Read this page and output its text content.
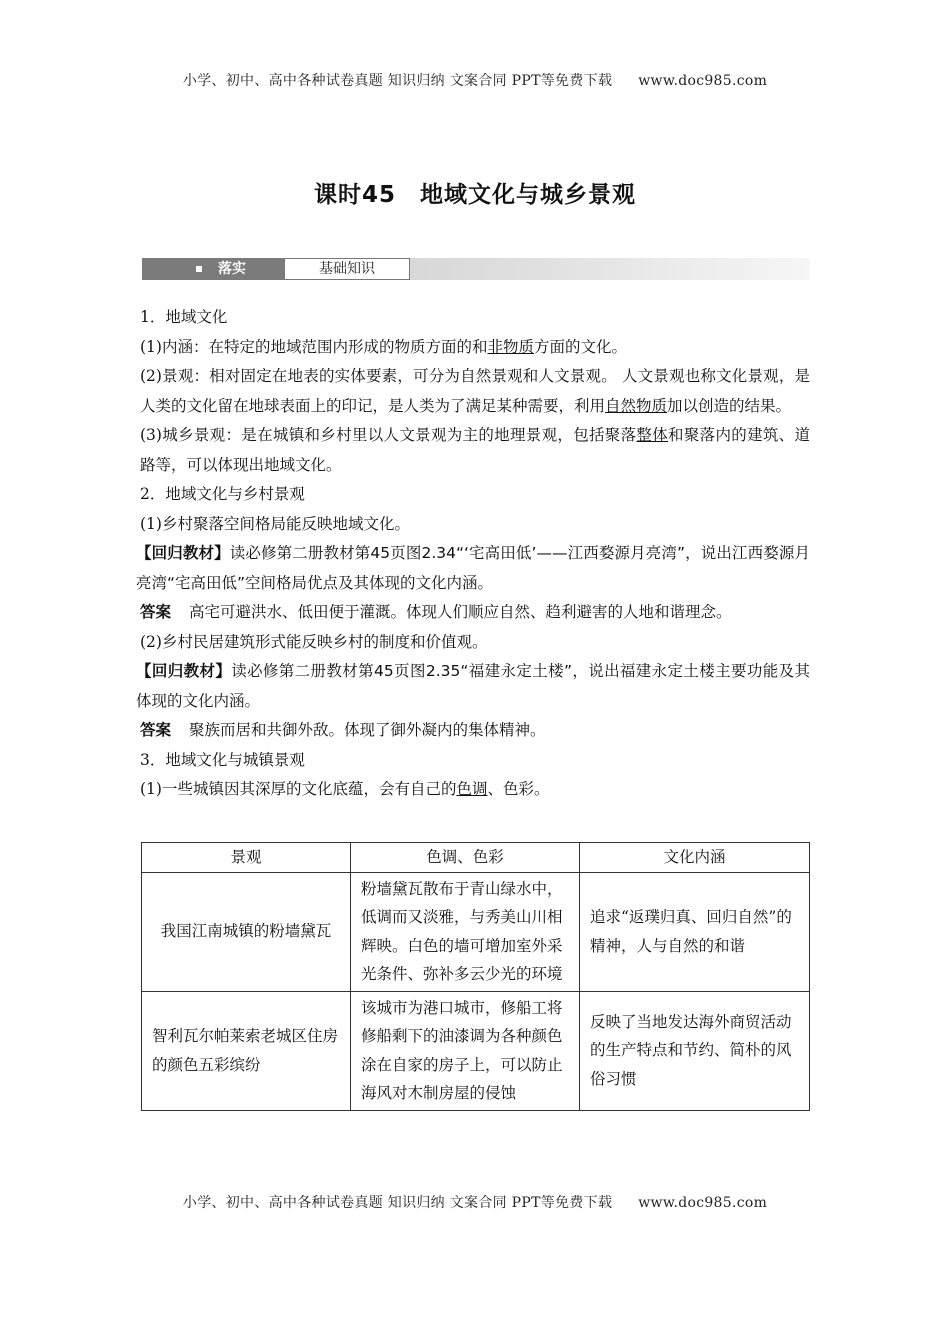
小学、初中、高中各种试卷真题 知识归纳 文案合同 PPT等免费下载 www.doc985.com
课时45　地域文化与城乡景观
落实	基础知识
1．地域文化
(1)内涵：在特定的地域范围内形成的物质方面的和非物质方面的文化。
(2)景观：相对固定在地表的实体要素，可分为自然景观和人文景观。 人文景观也称文化景观，是人类的文化留在地球表面上的印记，是人类为了满足某种需要，利用自然物质加以创造的结果。
(3)城乡景观：是在城镇和乡村里以人文景观为主的地理景观，包括聚落整体和聚落内的建筑、道路等，可以体现出地域文化。
2．地域文化与乡村景观
(1)乡村聚落空间格局能反映地域文化。
【回归教材】读必修第二册教材第45页图2.34“‘宅高田低’——江西婺源月亮湾”，说出江西婺源月亮湾“宅高田低”空间格局优点及其体现的文化内涵。
答案 高宅可避洪水、低田便于灌溉。体现人们顺应自然、趋利避害的人地和谐理念。
(2)乡村民居建筑形式能反映乡村的制度和价值观。
【回归教材】读必修第二册教材第45页图2.35“福建永定土楼”，说出福建永定土楼主要功能及其体现的文化内涵。
答案 聚族而居和共御外敌。体现了御外凝内的集体精神。
3．地域文化与城镇景观
(1)一些城镇因其深厚的文化底蕴，会有自己的色调、色彩。
景观	色调、色彩	文化内涵
我国江南城镇的粉墙黛瓦	粉墙黛瓦散布于青山绿水中，低调而又淡雅，与秀美山川相辉映。白色的墙可增加室外采光条件、弥补多云少光的环境	追求“返璞归真、回归自然”的精神，人与自然的和谐
智利瓦尔帕莱索老城区住房的颜色五彩缤纷	该城市为港口城市，修船工将修船剩下的油漆调为各种颜色涂在自家的房子上，可以防止海风对木制房屋的侵蚀	反映了当地发达海外商贸活动的生产特点和节约、简朴的风俗习惯
小学、初中、高中各种试卷真题 知识归纳 文案合同 PPT等免费下载 www.doc985.com
